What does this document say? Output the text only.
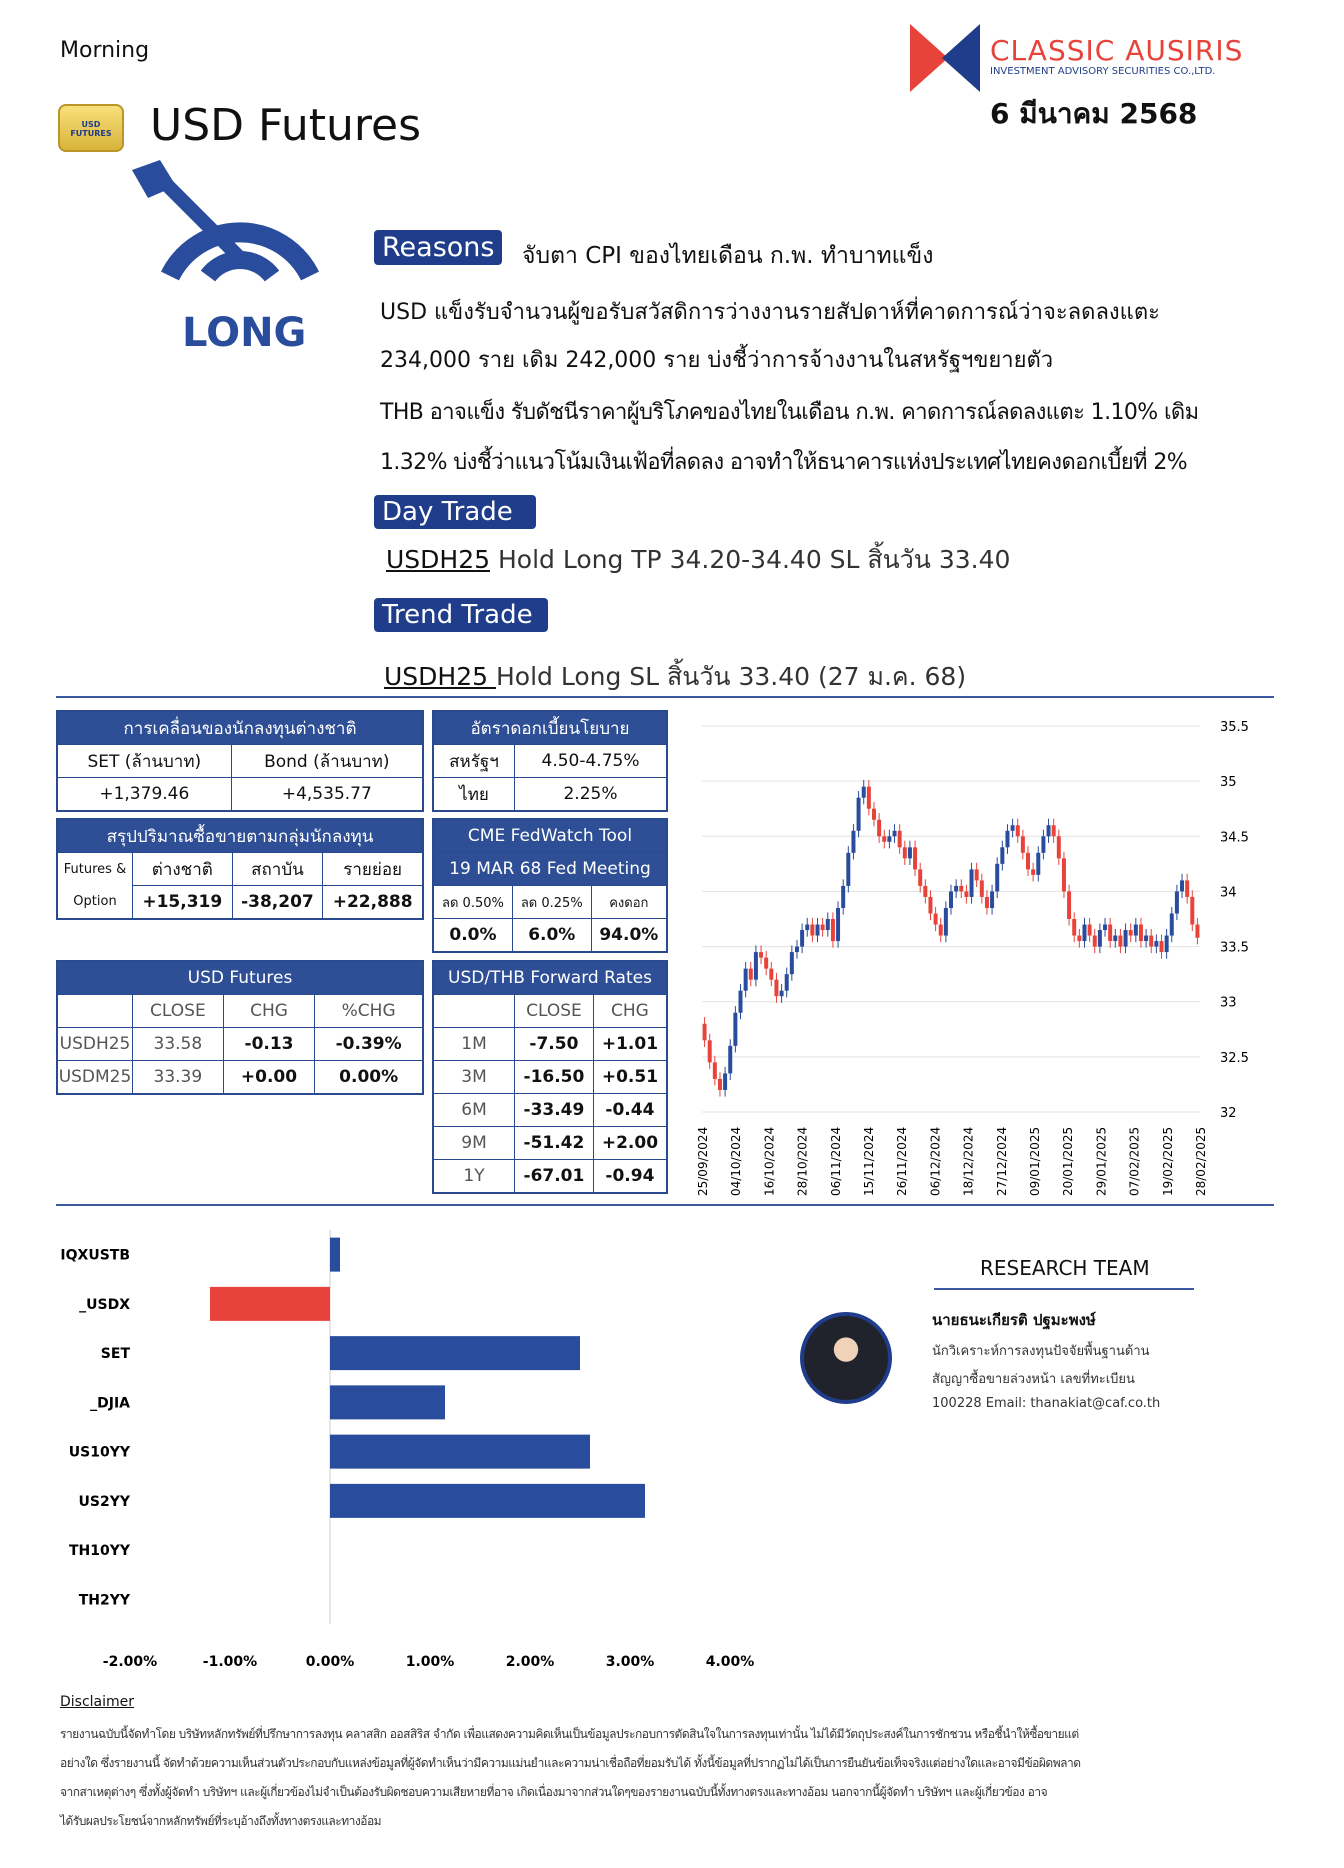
Morning
USD FUTURES USD Futures
CLASSIC AUSIRIS
INVESTMENT ADVISORY SECURITIES CO.,LTD.
6 มีนาคม 2568
LONG
Reasons	จับตา CPI ของไทยเดือน ก.พ. ทำบาทแข็ง
USD แข็งรับจำนวนผู้ขอรับสวัสดิการว่างงานรายสัปดาห์ที่คาดการณ์ว่าจะลดลงแตะ
234,000 ราย เดิม 242,000 ราย บ่งชี้ว่าการจ้างงานในสหรัฐฯขยายตัว
THB อาจแข็ง รับดัชนีราคาผู้บริโภคของไทยในเดือน ก.พ. คาดการณ์ลดลงแตะ 1.10% เดิม
1.32% บ่งชี้ว่าแนวโน้มเงินเฟ้อที่ลดลง อาจทำให้ธนาคารแห่งประเทศไทยคงดอกเบี้ยที่ 2%
Day Trade
USDH25 Hold Long TP 34.20-34.40 SL สิ้นวัน 33.40
Trend Trade
USDH25 Hold Long SL สิ้นวัน 33.40 (27 ม.ค. 68)
การเคลื่อนของนักลงทุนต่างชาติ	
SET (ล้านบาท)	Bond (ล้านบาท)
+1,379.46	+4,535.77
อัตราดอกเบี้ยนโยบาย	
สหรัฐฯ	4.50-4.75%
ไทย	2.25%
สรุปปริมาณซื้อขายตามกลุ่มนักลงทุน			
Futures &	ต่างชาติ	สถาบัน	รายย่อย
Option	+15,319	-38,207	+22,888
CME FedWatch Tool		
19 MAR 68 Fed Meeting		
ลด 0.50%	ลด 0.25%	คงดอก
0.0%	6.0%	94.0%
USD Futures			
	CLOSE	CHG	%CHG
USDH25	33.58	-0.13	-0.39%
USDM25	33.39	+0.00	0.00%
USD/THB Forward Rates		
	CLOSE	CHG
1M	-7.50	+1.01
3M	-16.50	+0.51
6M	-33.49	-0.44
9M	-51.42	+2.00
1Y	-67.01	-0.94
35.5
35
34.5
34
33.5
33
32.5
32
25/09/2024 04/10/2024 16/10/2024 28/10/2024 06/11/2024 15/11/2024 26/11/2024 06/12/2024 18/12/2024 27/12/2024 09/01/2025 20/01/2025 29/01/2025 07/02/2025 19/02/2025 28/02/2025
IQXUSTB
_USDX
SET
_DJIA
US10YY
US2YY
TH10YY
TH2YY
-2.00%	-1.00%	0.00%	1.00%	2.00%	3.00%	4.00%
RESEARCH TEAM
นายธนะเกียรติ ปฐมะพงษ์
นักวิเคราะห์การลงทุนปัจจัยพื้นฐานด้าน
สัญญาซื้อขายล่วงหน้า เลขที่ทะเบียน
100228 Email: thanakiat@caf.co.th
Disclaimer
รายงานฉบับนี้จัดทำโดย บริษัทหลักทรัพย์ที่ปรึกษาการลงทุน คลาสสิก ออสสิริส จำกัด เพื่อแสดงความคิดเห็นเป็นข้อมูลประกอบการตัดสินใจในการลงทุนเท่านั้น ไม่ได้มีวัตถุประสงค์ในการชักชวน หรือชี้นำให้ซื้อขายแต่
อย่างใด ซึ่งรายงานนี้ จัดทำด้วยความเห็นส่วนตัวประกอบกับแหล่งข้อมูลที่ผู้จัดทำเห็นว่ามีความแม่นยำและความน่าเชื่อถือที่ยอมรับได้ ทั้งนี้ข้อมูลที่ปรากฏไม่ได้เป็นการยืนยันข้อเท็จจริงแต่อย่างใดและอาจมีข้อผิดพลาด
จากสาเหตุต่างๆ ซึ่งทั้งผู้จัดทำ บริษัทฯ และผู้เกี่ยวข้องไม่จำเป็นต้องรับผิดชอบความเสียหายที่อาจ เกิดเนื่องมาจากส่วนใดๆของรายงานฉบับนี้ทั้งทางตรงและทางอ้อม นอกจากนี้ผู้จัดทำ บริษัทฯ และผู้เกี่ยวข้อง อาจ
ได้รับผลประโยชน์จากหลักทรัพย์ที่ระบุอ้างถึงทั้งทางตรงและทางอ้อม
